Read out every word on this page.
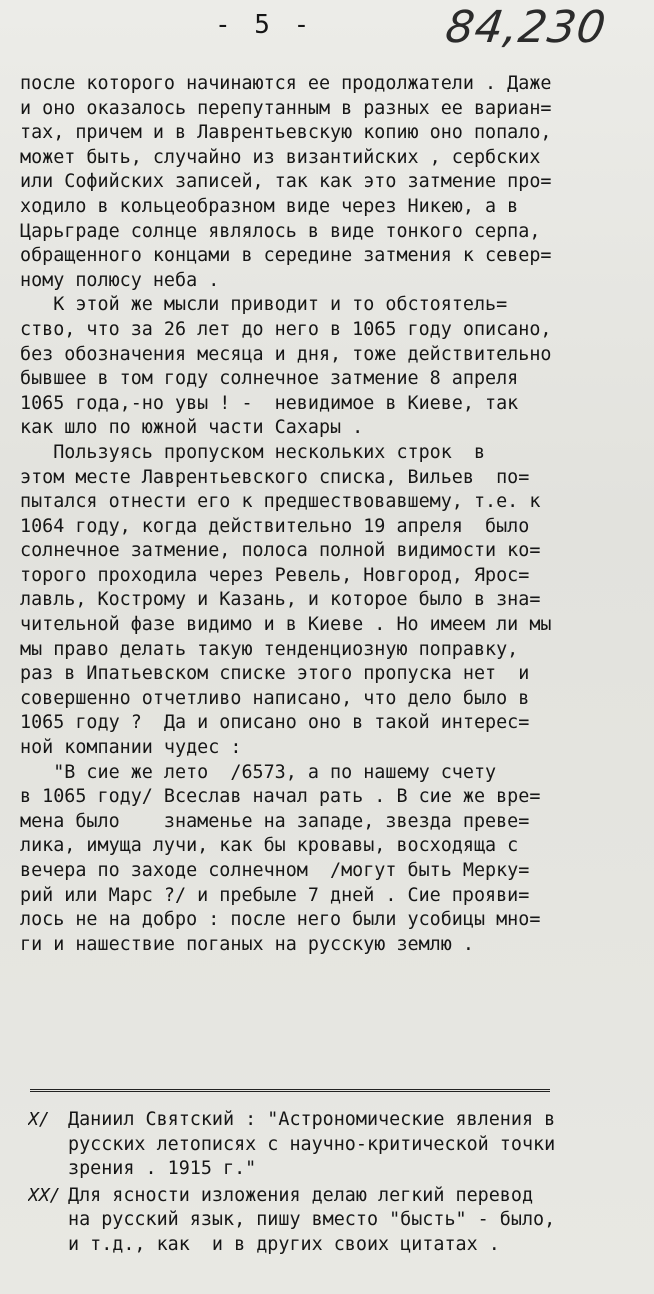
- 5 -	84,230
после которого начинаются ее продолжатели . Даже
и оно оказалось перепутанным в разных ее вариан=
тах, причем и в Лаврентьевскую копию оно попало,
может быть, случайно из византийских , сербских
или Софийских записей, так как это затмение про=
ходило в кольцеобразном виде через Никею, а в
Царьграде солнце являлось в виде тонкого серпа,
обращенного концами в середине затмения к север=
ному полюсу неба .
К этой же мысли приводит и то обстоятель=
ство, что за 26 лет до него в 1065 году описано,
без обозначения месяца и дня, тоже действительно
бывшее в том году солнечное затмение 8 апреля
1065 года,-но увы ! -  невидимое в Киеве, так
как шло по южной части Сахары .
Пользуясь пропуском нескольких строк  в
этом месте Лаврентьевского списка, Вильев  по=
пытался отнести его к предшествовавшему, т.е. к
1064 году, когда действительно 19 апреля  было
солнечное затмение, полоса полной видимости ко=
торого проходила через Ревель, Новгород, Ярос=
лавль, Кострому и Казань, и которое было в зна=
чительной фазе видимо и в Киеве . Но имеем ли мы
мы право делать такую тенденциозную поправку,
раз в Ипатьевском списке этого пропуска нет  и
совершенно отчетливо написано, что дело было в
1065 году ?  Да и описано оно в такой интерес=
ной компании чудес :
"В сие же лето  /6573, а по нашему счету
в 1065 году/ Всеслав начал рать . В сие же вре=
мена было    знаменье на западе, звезда преве=
лика, имуща лучи, как бы кровавы, восходяща с
вечера по заходе солнечном  /могут быть Мерку=
рий или Марс ?/ и пребыле 7 дней . Сие прояви=
лось не на добро : после него были усобицы мно=
ги и нашествие поганых на русскую землю .
Х/ Даниил Святский : "Астрономические явления в
русских летописях с научно-критической точки
зрения . 1915 г."
ХХ/ Для ясности изложения делаю легкий перевод
на русский язык, пишу вместо "бысть" - было,
и т.д., как  и в других своих цитатах .
